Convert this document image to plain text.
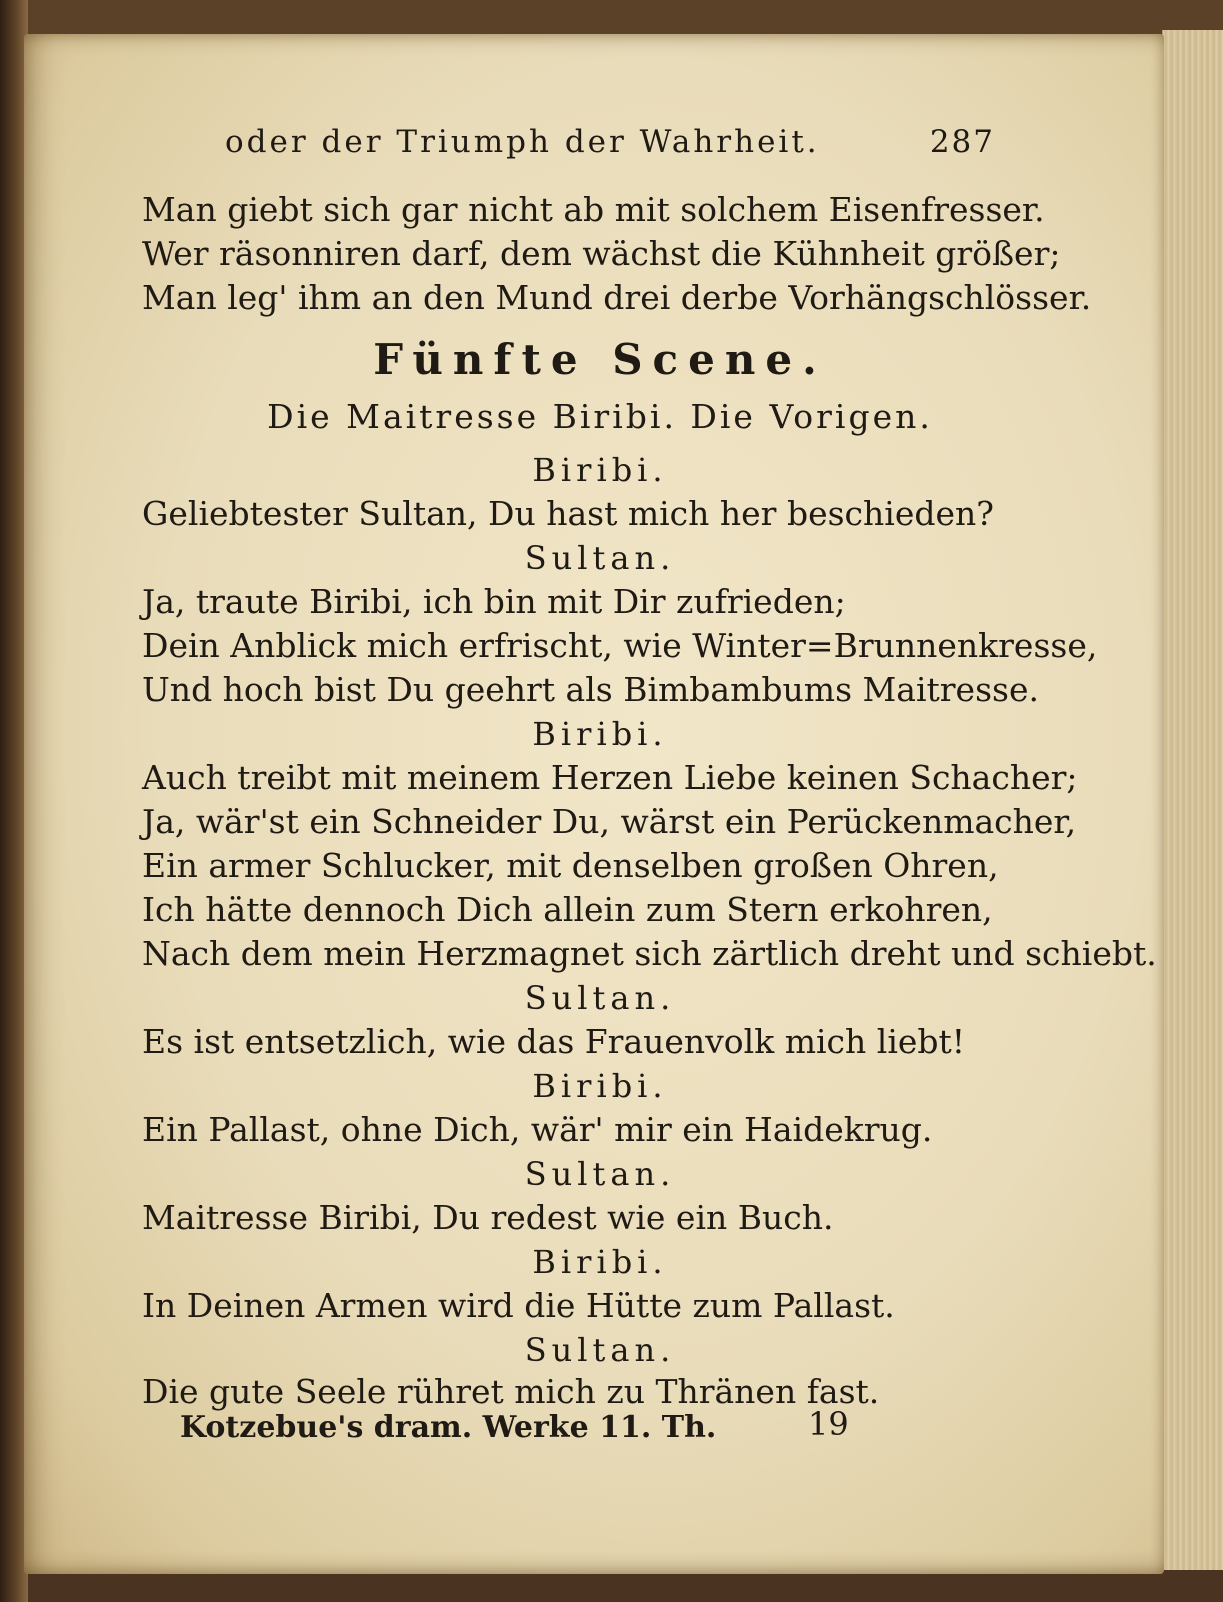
oder der Triumph der Wahrheit.	287
Man giebt sich gar nicht ab mit solchem Eisenfresser.
Wer räsonniren darf, dem wächst die Kühnheit größer;
Man leg' ihm an den Mund drei derbe Vorhängschlösser.
Fünfte Scene.
Die Maitresse Biribi. Die Vorigen.
Biribi.
Geliebtester Sultan, Du hast mich her beschieden?
Sultan.
Ja, traute Biribi, ich bin mit Dir zufrieden;
Dein Anblick mich erfrischt, wie Winter=Brunnenkresse,
Und hoch bist Du geehrt als Bimbambums Maitresse.
Biribi.
Auch treibt mit meinem Herzen Liebe keinen Schacher;
Ja, wär'st ein Schneider Du, wärst ein Perückenmacher,
Ein armer Schlucker, mit denselben großen Ohren,
Ich hätte dennoch Dich allein zum Stern erkohren,
Nach dem mein Herzmagnet sich zärtlich dreht und schiebt.
Sultan.
Es ist entsetzlich, wie das Frauenvolk mich liebt!
Biribi.
Ein Pallast, ohne Dich, wär' mir ein Haidekrug.
Sultan.
Maitresse Biribi, Du redest wie ein Buch.
Biribi.
In Deinen Armen wird die Hütte zum Pallast.
Sultan.
Die gute Seele rühret mich zu Thränen fast.
Kotzebue's dram. Werke 11. Th.	19
